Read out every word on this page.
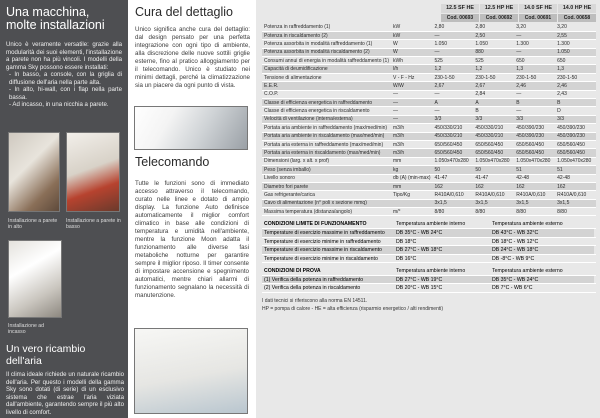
Una macchina,
molte installazioni

Unico è veramente versatile: grazie alla modularità dei suoi elementi, l'installazione a parete non ha più vincoli. I modelli della gamma Sky possono essere installati:

- In basso, a console, con la griglia di diffusione dell'aria nella parte alta.
- In alto, hi-wall, con i flap nella parte bassa.
- Ad incasso, in una nicchia a parete.
Installazione a parete in alto
Installazione a parete in basso
Installazione ad incasso
Un vero ricambio dell'aria

Il clima ideale richiede un naturale ricambio dell'aria. Per questo i modelli della gamma Sky sono dotati (di serie) di un esclusivo sistema che estrae l'aria viziata dall'ambiente, garantendo sempre il più alto livello di comfort.

Cura del dettaglio

Unico significa anche cura del dettaglio: dal design pensato per una perfetta integrazione con ogni tipo di ambiente, alla discrezione delle nuove sottili griglie esterne, fino al pratico alloggiamento per il telecomando. Unico è studiato nei minimi dettagli, perché la climatizzazione sia un piacere da ogni punto di vista.

Telecomando

Tutte le funzioni sono di immediato accesso attraverso il telecomando, curato nelle linee e dotato di ampio display. La funzione Auto definisce automaticamente il miglior comfort climatico in base alle condizioni di temperatura e umidità nell'ambiente, mentre la funzione Moon adatta il funzionamento alle diverse fasi metaboliche notturne per garantire sempre il miglior riposo. Il timer consente di impostare accensione e spegnimento automatici, mentre chiari allarmi di funzionamento segnalano la necessità di manutenzione.

12.5 SF HE	12.5 HP HE	14.0 SF HE	14.0 HP HE
Cod. 00693	Cod. 00692	Cod. 00691	Cod. 00658
Potenza in raffreddamento (1)	kW	2,80	2,80	3,20	3,20
Potenza in riscaldamento (2)	kW	—	2,50	—	2,55
Potenza assorbita in modalità raffreddamento (1)	W	1.050	1.050	1.300	1.300
Potenza assorbita in modalità riscaldamento (2)	W	—	880	—	1.050
Consumi annui di energia in modalità raffreddamento (1)	kWh	525	525	650	650
Capacità di deumidificazione	l/h	1,2	1,2	1,3	1,3
Tensione di alimentazione	V - F - Hz	230-1-50	230-1-50	230-1-50	230-1-50
E.E.R.	W/W	2,67	2,67	2,46	2,46
C.O.P.	—	—	2,84	—	2,43
Classe di efficienza energetica in raffreddamento	—	A	A	B	B
Classe di efficienza energetica in riscaldamento	—	—	B	—	D
Velocità di ventilazione (interna/esterna)	—	3/3	3/3	3/3	3/3
Portata aria ambiente in raffreddamento (max/med/min)	m3/h	450/330/210	450/330/210	450/390/230	450/390/230
Portata aria ambiente in riscaldamento (max/med/min)	m3/h	450/330/210	450/330/210	450/390/230	450/390/230
Portata aria esterna in raffreddamento (max/med/min)	m3/h	650/560/450	650/560/450	650/560/450	650/560/450
Portata aria esterna in riscaldamento (max/med/min)	m3/h	650/560/450	650/560/450	650/560/450	650/560/450
Dimensioni (larg. x alt. x prof)	mm	1.050x470x280	1.050x470x280	1.050x470x280	1.050x470x280
Peso (senza imballo)	kg	50	50	51	51
Livello sonoro	db (A) (min-max)	41-47	41-47	42-48	42-48
Diametro fori parete	mm	162	162	162	162
Gas refrigerante/carica	Tipo/Kg	R410A/0,610	R410A/0,610	R410A/0,610	R410A/0,610
Cavo di alimentazione (n° poli x sezione mmq)		3x1,5	3x1,5	3x1,5	3x1,5
Massima temperatura (distanza/angolo)	m/°	8/80	8/80	8/80	8/80
CONDIZIONI LIMITE DI FUNZIONAMENTO	Temperatura ambiente interno	Temperatura ambiente esterno
Temperature di esercizio massime in raffreddamento	DB 35°C - WB 24°C	DB 43°C - WB 32°C
Temperature di esercizio minime in raffreddamento	DB 18°C	DB 18°C - WB 12°C
Temperature di esercizio massime in riscaldamento	DB 27°C - WB 18°C	DB 24°C - WB 18°C
Temperature di esercizio minime in riscaldamento	DB 16°C	DB -8°C - WB 9°C
CONDIZIONI DI PROVA	Temperatura ambiente interno	Temperatura ambiente esterno
(1) Verifica della potenza in raffreddamento	DB 27°C - WB 19°C	DB 35°C - WB 24°C
(2) Verifica della potenza in riscaldamento	DB 20°C - WB 15°C	DB 7°C - WB 6°C
I dati tecnici si riferiscono alla norma EN 14511.
HP = pompa di calore - HE = alta efficienza (risparmio energetico / alti rendimenti)
